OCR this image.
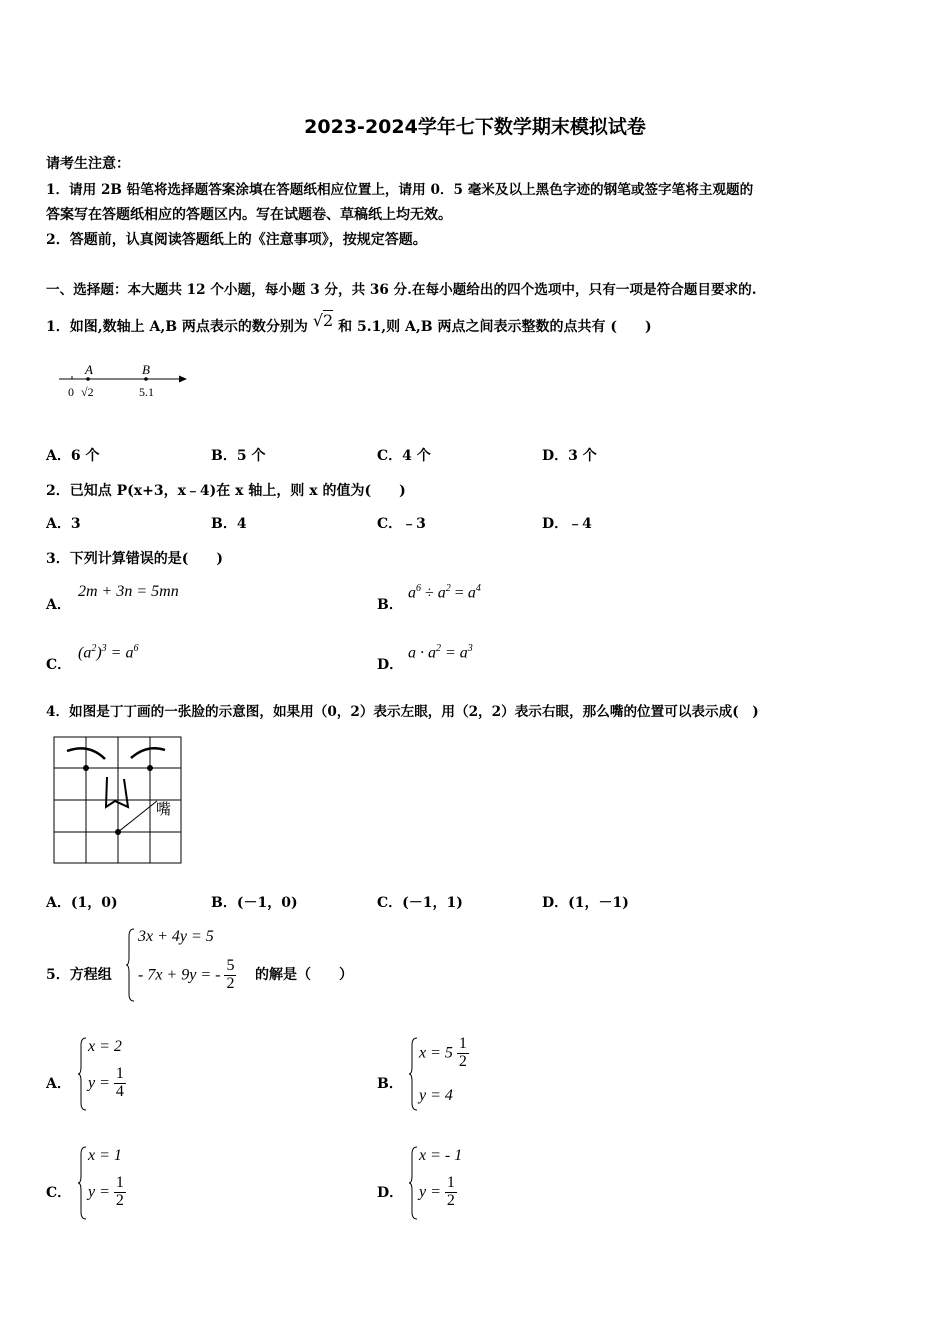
2023-2024学年七下数学期末模拟试卷
请考生注意：
1．请用 2B 铅笔将选择题答案涂填在答题纸相应位置上，请用 0．5 毫米及以上黑色字迹的钢笔或签字笔将主观题的
答案写在答题纸相应的答题区内。写在试题卷、草稿纸上均无效。
2．答题前，认真阅读答题纸上的《注意事项》，按规定答题。
一、选择题：本大题共 12 个小题，每小题 3 分，共 36 分.在每小题给出的四个选项中，只有一项是符合题目要求的.
1．如图,数轴上 A,B 两点表示的数分别为 √2 和 5.1,则 A,B 两点之间表示整数的点共有 (　　)
A	B
0 √2	5.1
A．6 个	B．5 个	C．4 个	D．3 个
2．已知点 P(x+3，x﹣4)在 x 轴上，则 x 的值为(　　)
A．3	B．4	C．﹣3	D．﹣4
3．下列计算错误的是(　　)
A．
2m + 3n = 5mn
B．
$a^6 \div a^2 = a^4$
C．
$(a^2)^3 = a^6$
D．
$a \cdot a^2 = a^3$
4．如图是丁丁画的一张脸的示意图，如果用（0，2）表示左眼，用（2，2）表示右眼，那么嘴的位置可以表示成(　)
嘴
A．(1，0)	B．(－1，0)	C．(－1，1)	D．(1，－1)
5．方程组
3x + 4y = 5
- 7x + 9y = - $\frac{5}{2}$ 的解是（　　）
A．
x = 2
$y = \frac{1}{4}$	B．
$x = 5 \frac{1}{2}$
y = 4
C．
x = 1
$y = \frac{1}{2}$	D．
x = - 1
$y = \frac{1}{2}$
